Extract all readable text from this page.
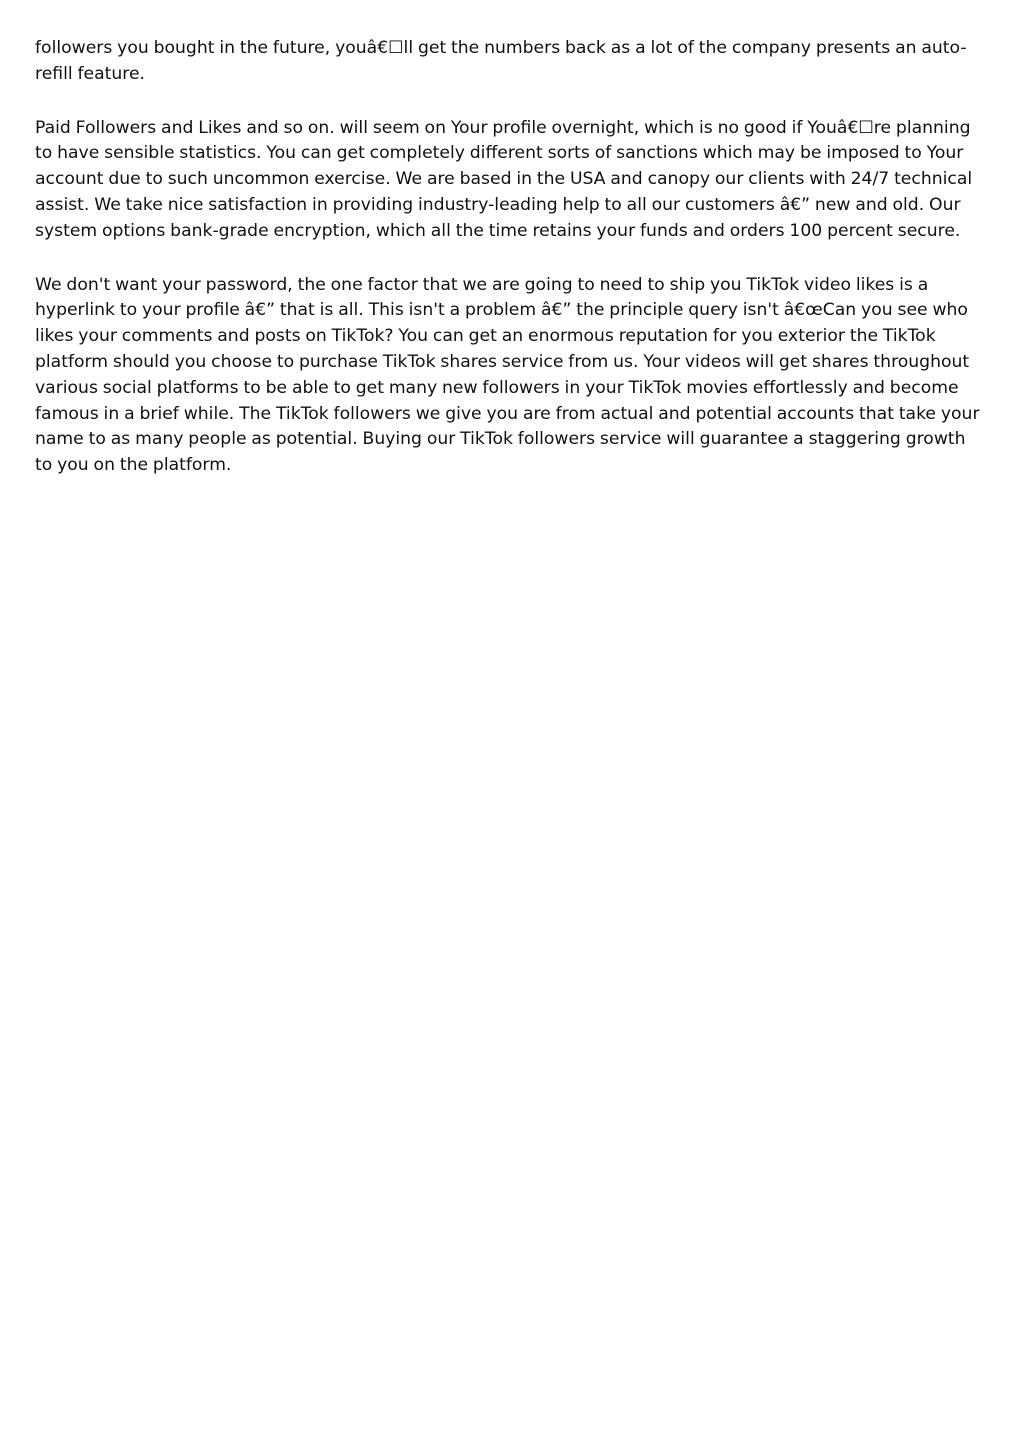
followers you bought in the future, youâ€☐ll get the numbers back as a lot of the company presents an auto-refill feature.

Paid Followers and Likes and so on. will seem on Your profile overnight, which is no good if Youâ€☐re planning to have sensible statistics. You can get completely different sorts of sanctions which may be imposed to Your account due to such uncommon exercise. We are based in the USA and canopy our clients with 24/7 technical assist. We take nice satisfaction in providing industry-leading help to all our customers â€” new and old. Our system options bank-grade encryption, which all the time retains your funds and orders 100 percent secure.

We don't want your password, the one factor that we are going to need to ship you TikTok video likes is a hyperlink to your profile â€” that is all. This isn't a problem â€” the principle query isn't â€œCan you see who likes your comments and posts on TikTok? You can get an enormous reputation for you exterior the TikTok platform should you choose to purchase TikTok shares service from us. Your videos will get shares throughout various social platforms to be able to get many new followers in your TikTok movies effortlessly and become famous in a brief while. The TikTok followers we give you are from actual and potential accounts that take your name to as many people as potential. Buying our TikTok followers service will guarantee a staggering growth to you on the platform.
